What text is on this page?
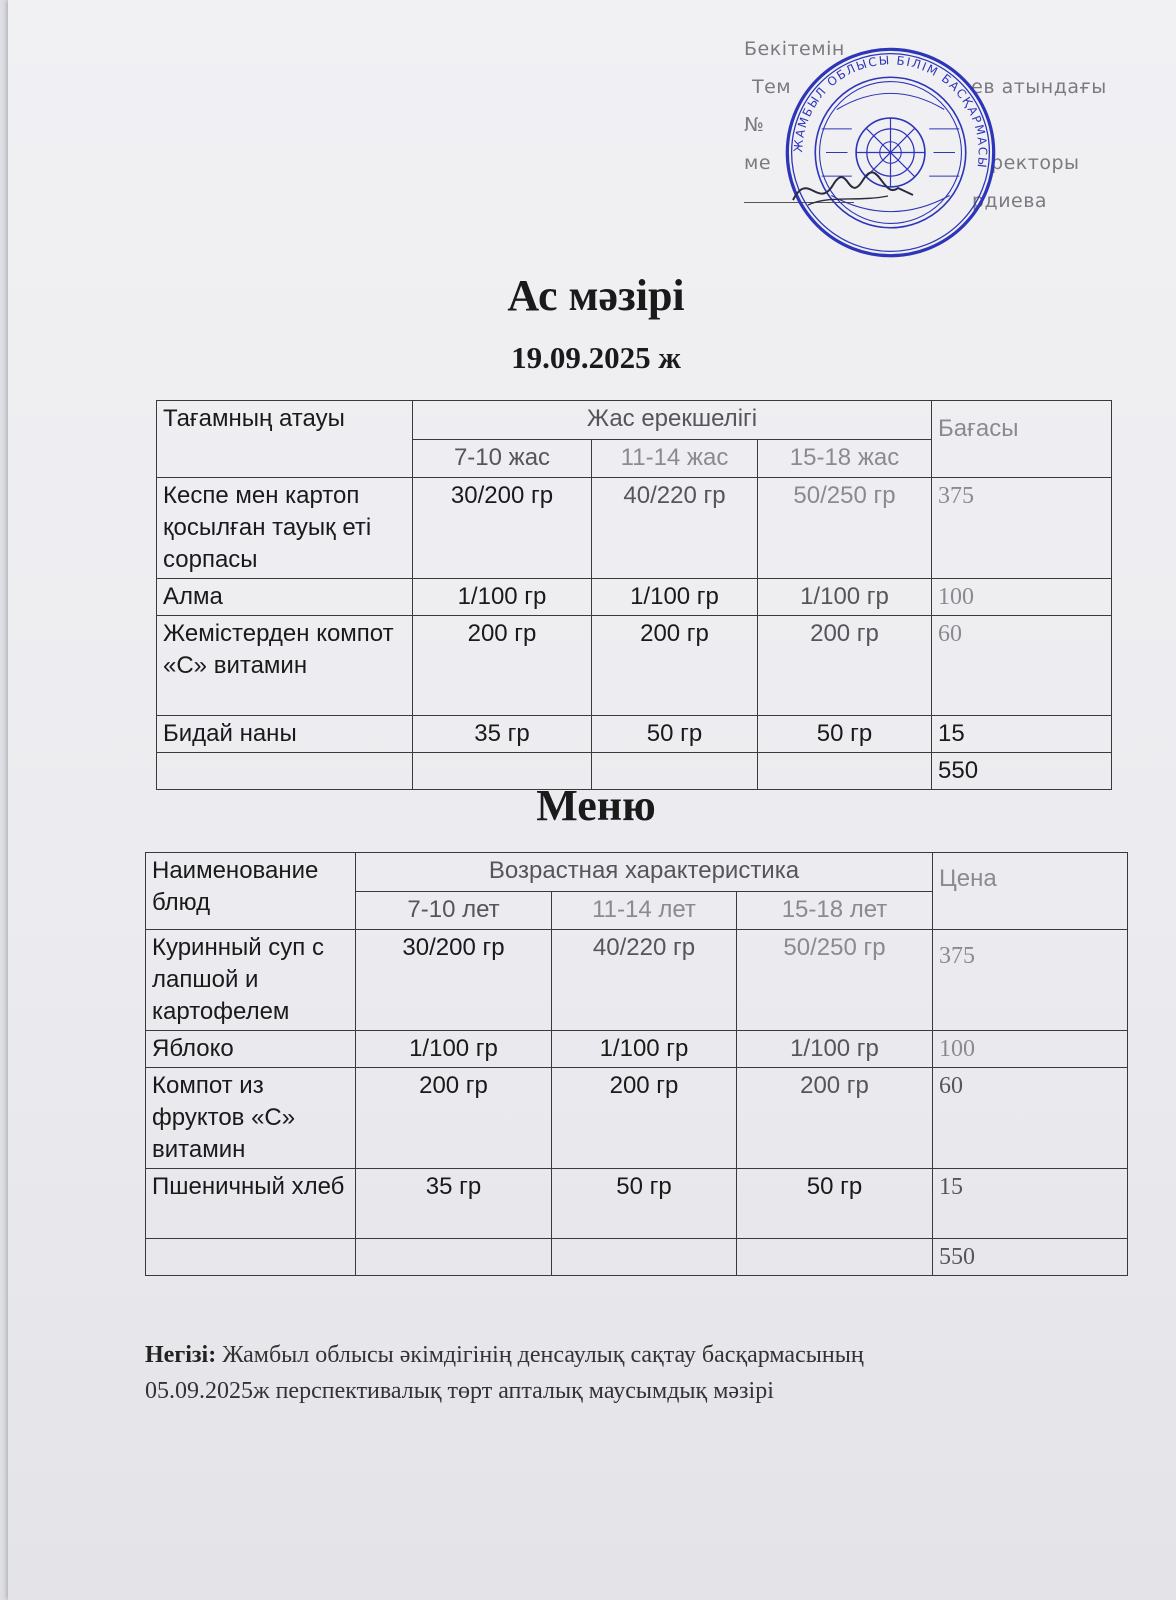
Бекітемін
Тем	ев атындағы
№
ме	ректоры
рдиева
ЖАМБЫЛ ОБЛЫСЫ БІЛІМ БАСҚАРМАСЫ
Ас мәзірі
19.09.2025 ж
Тағамның атауы	Жас ерекшелігі			Бағасы
	7-10 жас	11-14 жас	15-18 жас	
Кеспе мен картоп қосылған тауық еті сорпасы	30/200 гр	40/220 гр	50/250 гр	375
Алма	1/100 гр	1/100 гр	1/100 гр	100
Жемістерден компот «С» витамин	200 гр	200 гр	200 гр	60
Бидай наны	35 гр	50 гр	50 гр	15
				550
Меню
Наименование блюд	Возрастная характеристика			Цена
	7-10 лет	11-14 лет	15-18 лет	
Куринный суп с лапшой и картофелем	30/200 гр	40/220 гр	50/250 гр	375
Яблоко	1/100 гр	1/100 гр	1/100 гр	100
Компот из фруктов «С» витамин	200 гр	200 гр	200 гр	60
Пшеничный хлеб	35 гр	50 гр	50 гр	15
				550
Негізі: Жамбыл облысы әкімдігінің денсаулық сақтау басқармасының
05.09.2025ж перспективалық төрт апталық маусымдық мәзірі
